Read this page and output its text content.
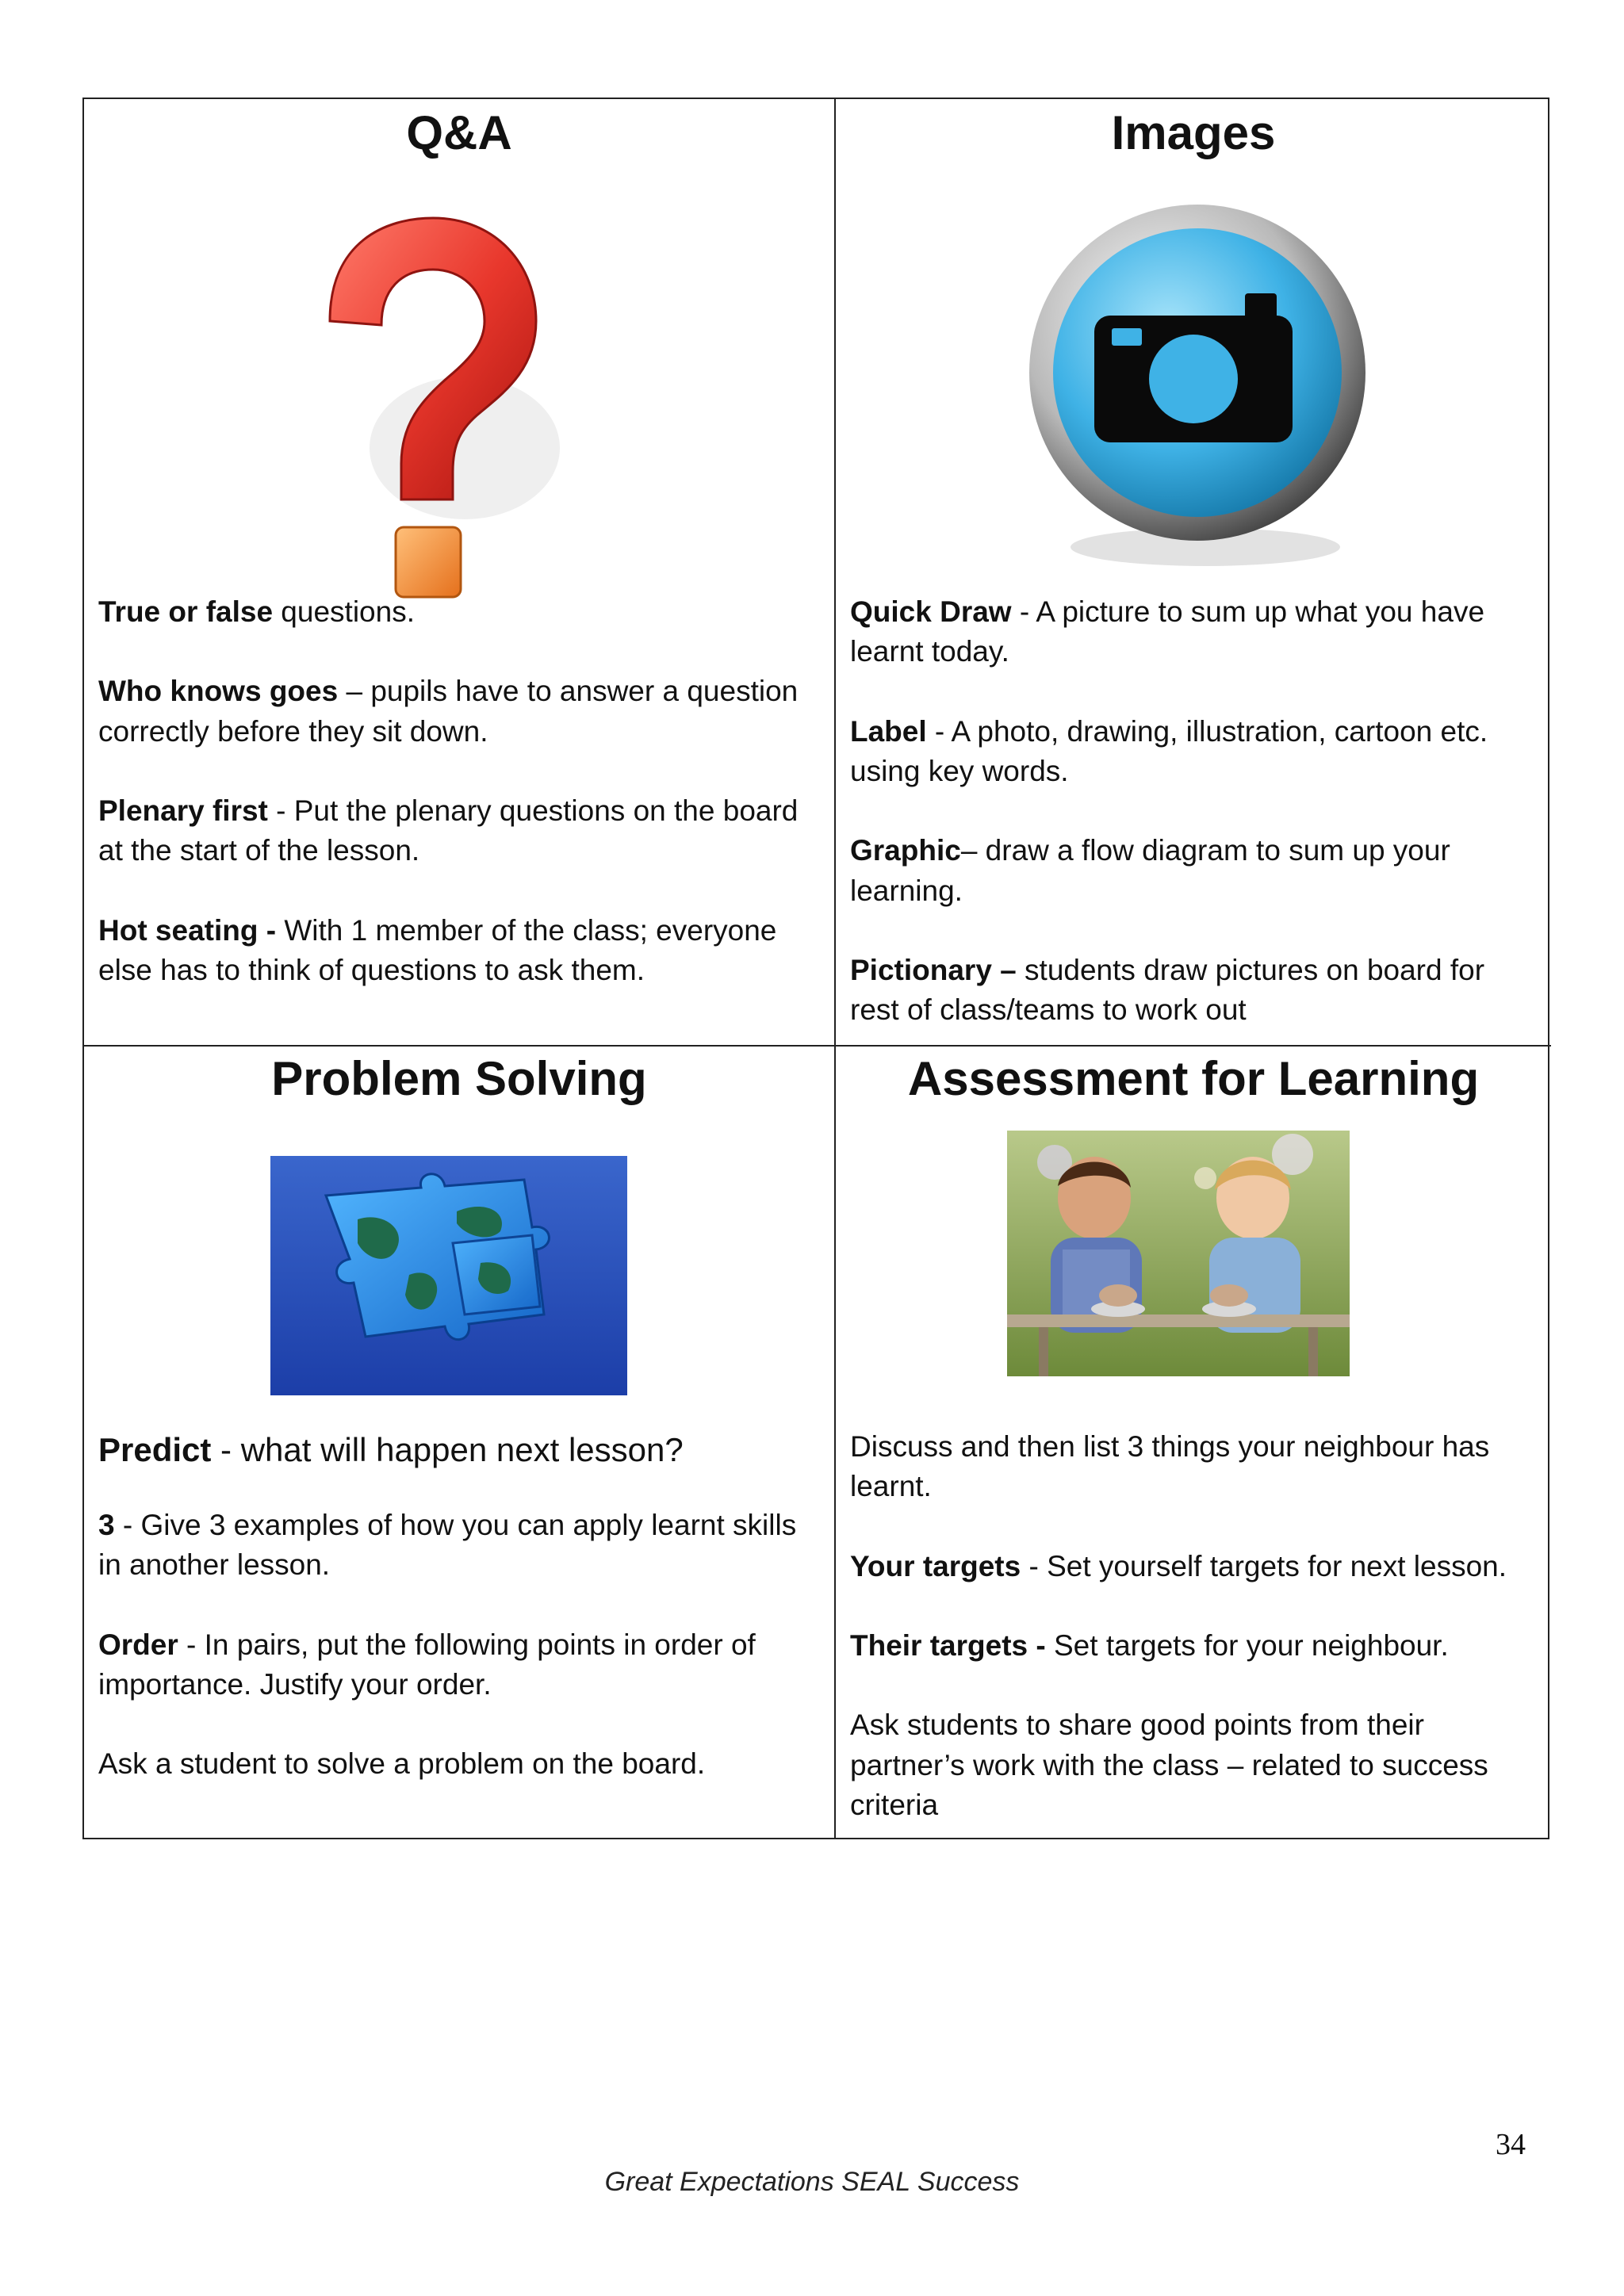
Q&A

True or false questions.

Who knows goes – pupils have to answer a question correctly before they sit down.

Plenary first - Put the plenary questions on the board at the start of the lesson.

Hot seating - With 1 member of the class; everyone else has to think of questions to ask them.

Images

Quick Draw - A picture to sum up what you have learnt today.

Label - A photo, drawing, illustration, cartoon etc. using key words.

Graphic– draw a flow diagram to sum up your learning.

Pictionary – students draw pictures on board for rest of class/teams to work out

Problem Solving

Predict - what will happen next lesson?

3 - Give 3 examples of how you can apply learnt skills in another lesson.

Order - In pairs, put the following points in order of importance. Justify your order.

Ask a student to solve a problem on the board.

Assessment for Learning

Discuss and then list 3 things your neighbour has learnt.

Your targets - Set yourself targets for next lesson.

Their targets - Set targets for your neighbour.

Ask students to share good points from their partner’s work with the class – related to success criteria

34
Great Expectations SEAL Success
